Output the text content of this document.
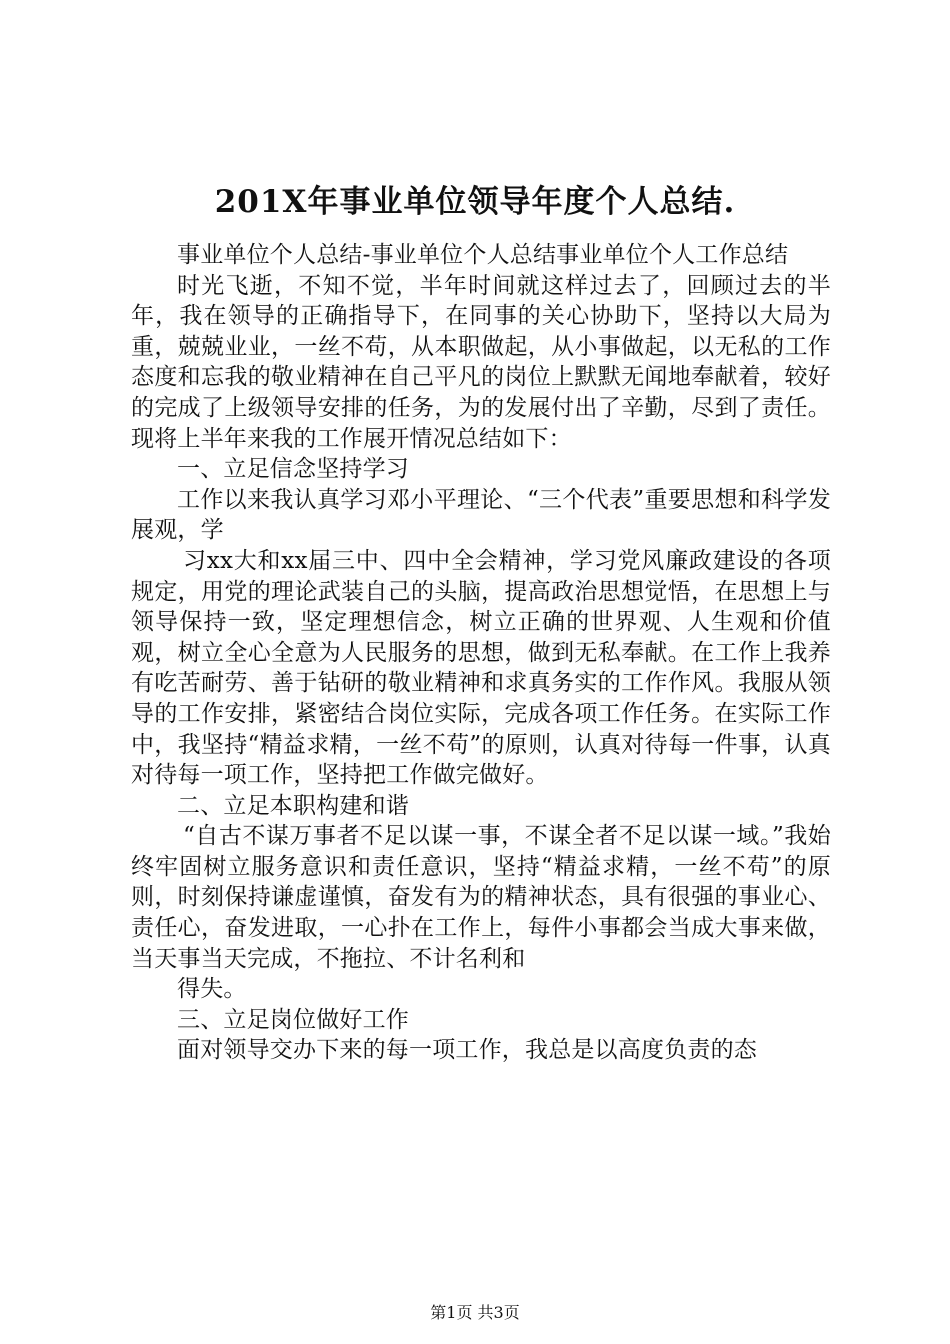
201X年事业单位领导年度个人总结.

事业单位个人总结-事业单位个人总结事业单位个人工作总结

时光飞逝，不知不觉，半年时间就这样过去了，回顾过去的半年，我在领导的正确指导下，在同事的关心协助下，坚持以大局为重，兢兢业业，一丝不苟，从本职做起，从小事做起，以无私的工作态度和忘我的敬业精神在自己平凡的岗位上默默无闻地奉献着，较好的完成了上级领导安排的任务，为的发展付出了辛勤，尽到了责任。现将上半年来我的工作展开情况总结如下：

一、立足信念坚持学习

工作以来我认真学习邓小平理论、“三个代表”重要思想和科学发展观，学

习xx大和xx届三中、四中全会精神，学习党风廉政建设的各项规定，用党的理论武装自己的头脑，提高政治思想觉悟，在思想上与领导保持一致，坚定理想信念，树立正确的世界观、人生观和价值观，树立全心全意为人民服务的思想，做到无私奉献。在工作上我养有吃苦耐劳、善于钻研的敬业精神和求真务实的工作作风。我服从领导的工作安排，紧密结合岗位实际，完成各项工作任务。在实际工作中，我坚持“精益求精，一丝不苟”的原则，认真对待每一件事，认真对待每一项工作，坚持把工作做完做好。

二、立足本职构建和谐

“自古不谋万事者不足以谋一事，不谋全者不足以谋一域。”我始终牢固树立服务意识和责任意识，坚持“精益求精，一丝不苟”的原则，时刻保持谦虚谨慎，奋发有为的精神状态，具有很强的事业心、责任心，奋发进取，一心扑在工作上，每件小事都会当成大事来做，当天事当天完成，不拖拉、不计名利和

得失。

三、立足岗位做好工作

面对领导交办下来的每一项工作，我总是以高度负责的态

第1页 共3页
